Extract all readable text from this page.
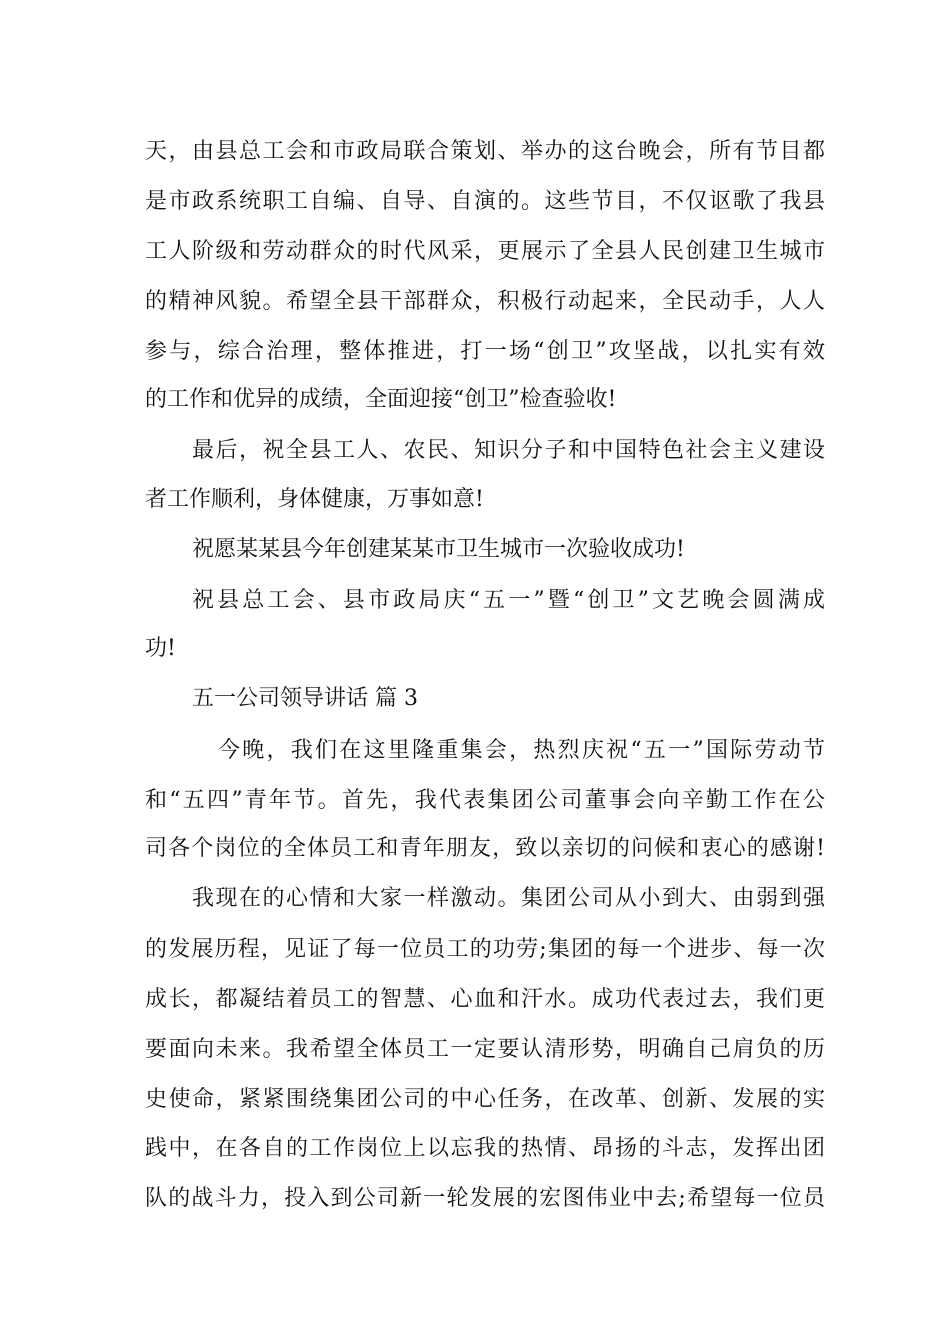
天，由县总工会和市政局联合策划、举办的这台晚会，所有节目都
是市政系统职工自编、自导、自演的。这些节目，不仅讴歌了我县
工人阶级和劳动群众的时代风采，更展示了全县人民创建卫生城市
的精神风貌。希望全县干部群众，积极行动起来，全民动手，人人
参与，综合治理，整体推进，打一场“创卫”攻坚战，以扎实有效
的工作和优异的成绩，全面迎接“创卫”检查验收!
最后，祝全县工人、农民、知识分子和中国特色社会主义建设
者工作顺利，身体健康，万事如意!
祝愿某某县今年创建某某市卫生城市一次验收成功!
祝县总工会、县市政局庆“五一”暨“创卫”文艺晚会圆满成
功!
五一公司领导讲话 篇 3
今晚，我们在这里隆重集会，热烈庆祝“五一”国际劳动节
和“五四”青年节。首先，我代表集团公司董事会向辛勤工作在公
司各个岗位的全体员工和青年朋友，致以亲切的问候和衷心的感谢!
我现在的心情和大家一样激动。集团公司从小到大、由弱到强
的发展历程，见证了每一位员工的功劳;集团的每一个进步、每一次
成长，都凝结着员工的智慧、心血和汗水。成功代表过去，我们更
要面向未来。我希望全体员工一定要认清形势，明确自己肩负的历
史使命，紧紧围绕集团公司的中心任务，在改革、创新、发展的实
践中，在各自的工作岗位上以忘我的热情、昂扬的斗志，发挥出团
队的战斗力，投入到公司新一轮发展的宏图伟业中去;希望每一位员
